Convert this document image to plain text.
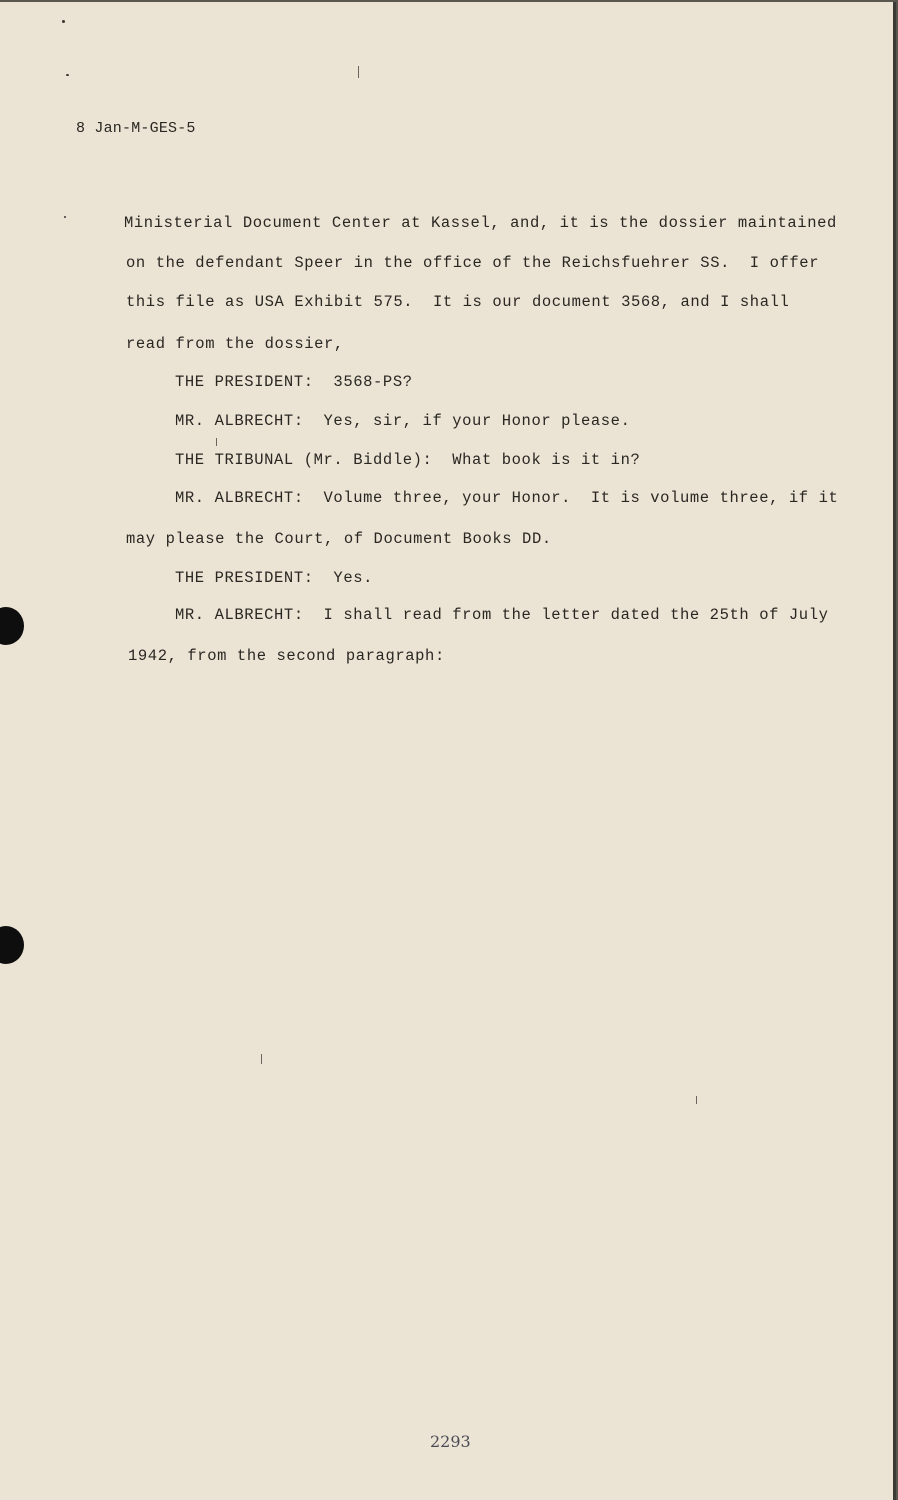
8 Jan-M-GES-5
Ministerial Document Center at Kassel, and, it is the dossier maintained
on the defendant Speer in the office of the Reichsfuehrer SS.  I offer
this file as USA Exhibit 575.  It is our document 3568, and I shall
read from the dossier,
THE PRESIDENT:  3568-PS?
MR. ALBRECHT:  Yes, sir, if your Honor please.
THE TRIBUNAL (Mr. Biddle):  What book is it in?
MR. ALBRECHT:  Volume three, your Honor.  It is volume three, if it
may please the Court, of Document Books DD.
THE PRESIDENT:  Yes.
MR. ALBRECHT:  I shall read from the letter dated the 25th of July
1942, from the second paragraph:
2293
